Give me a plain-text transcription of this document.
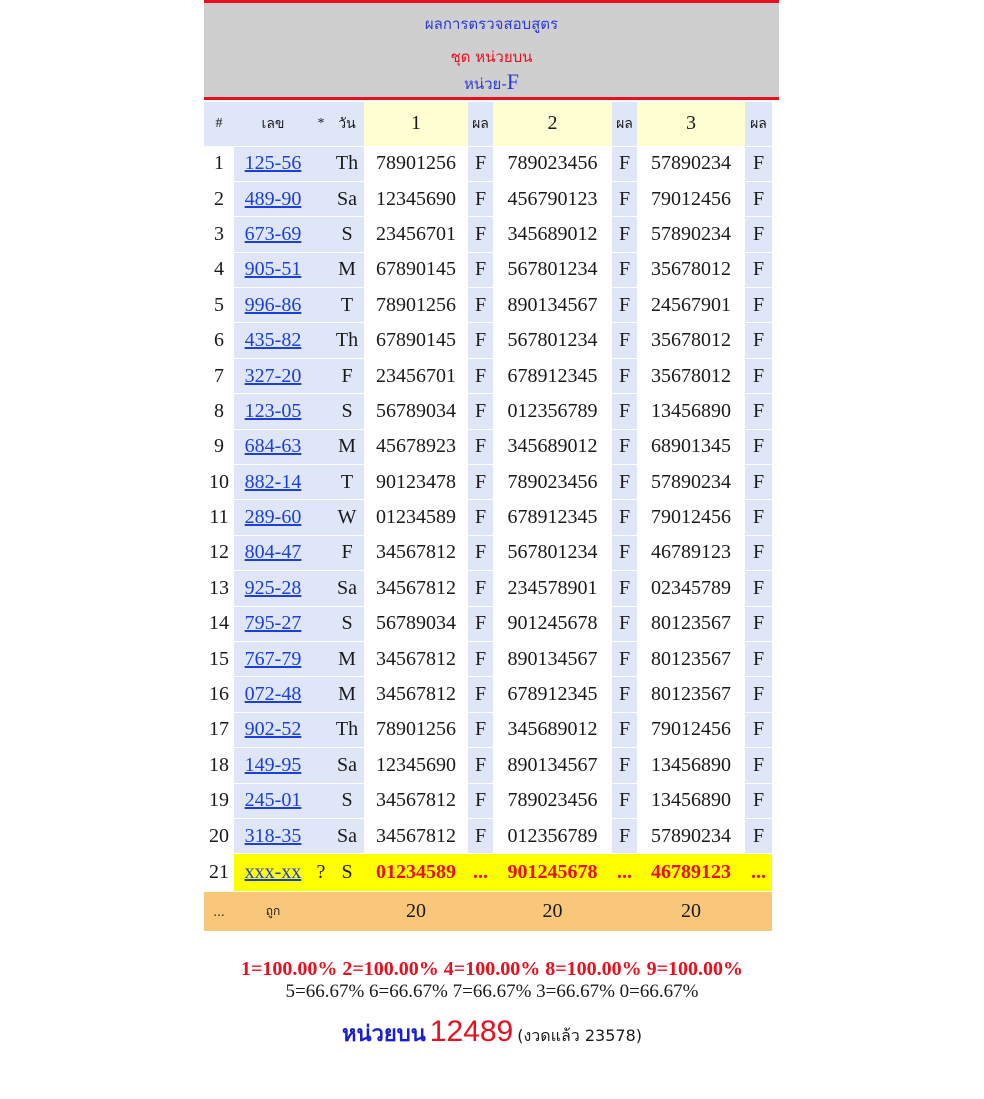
ผลการตรวจสอบสูตร
ชุด หน่วยบน
หน่วย-F
#	เลข	*	วัน	1	ผล	2	ผล	3	ผล
1	125-56		Th	78901256	F	789023456	F	57890234	F
2	489-90		Sa	12345690	F	456790123	F	79012456	F
3	673-69		S	23456701	F	345689012	F	57890234	F
4	905-51		M	67890145	F	567801234	F	35678012	F
5	996-86		T	78901256	F	890134567	F	24567901	F
6	435-82		Th	67890145	F	567801234	F	35678012	F
7	327-20		F	23456701	F	678912345	F	35678012	F
8	123-05		S	56789034	F	012356789	F	13456890	F
9	684-63		M	45678923	F	345689012	F	68901345	F
10	882-14		T	90123478	F	789023456	F	57890234	F
11	289-60		W	01234589	F	678912345	F	79012456	F
12	804-47		F	34567812	F	567801234	F	46789123	F
13	925-28		Sa	34567812	F	234578901	F	02345789	F
14	795-27		S	56789034	F	901245678	F	80123567	F
15	767-79		M	34567812	F	890134567	F	80123567	F
16	072-48		M	34567812	F	678912345	F	80123567	F
17	902-52		Th	78901256	F	345689012	F	79012456	F
18	149-95		Sa	12345690	F	890134567	F	13456890	F
19	245-01		S	34567812	F	789023456	F	13456890	F
20	318-35		Sa	34567812	F	012356789	F	57890234	F
21	xxx-xx	?	S	01234589	...	901245678	...	46789123	...
...	ถูก			20		20		20	
1=100.00% 2=100.00% 4=100.00% 8=100.00% 9=100.00%
5=66.67% 6=66.67% 7=66.67% 3=66.67% 0=66.67%
หน่วยบน 12489 (งวดแล้ว 23578)
